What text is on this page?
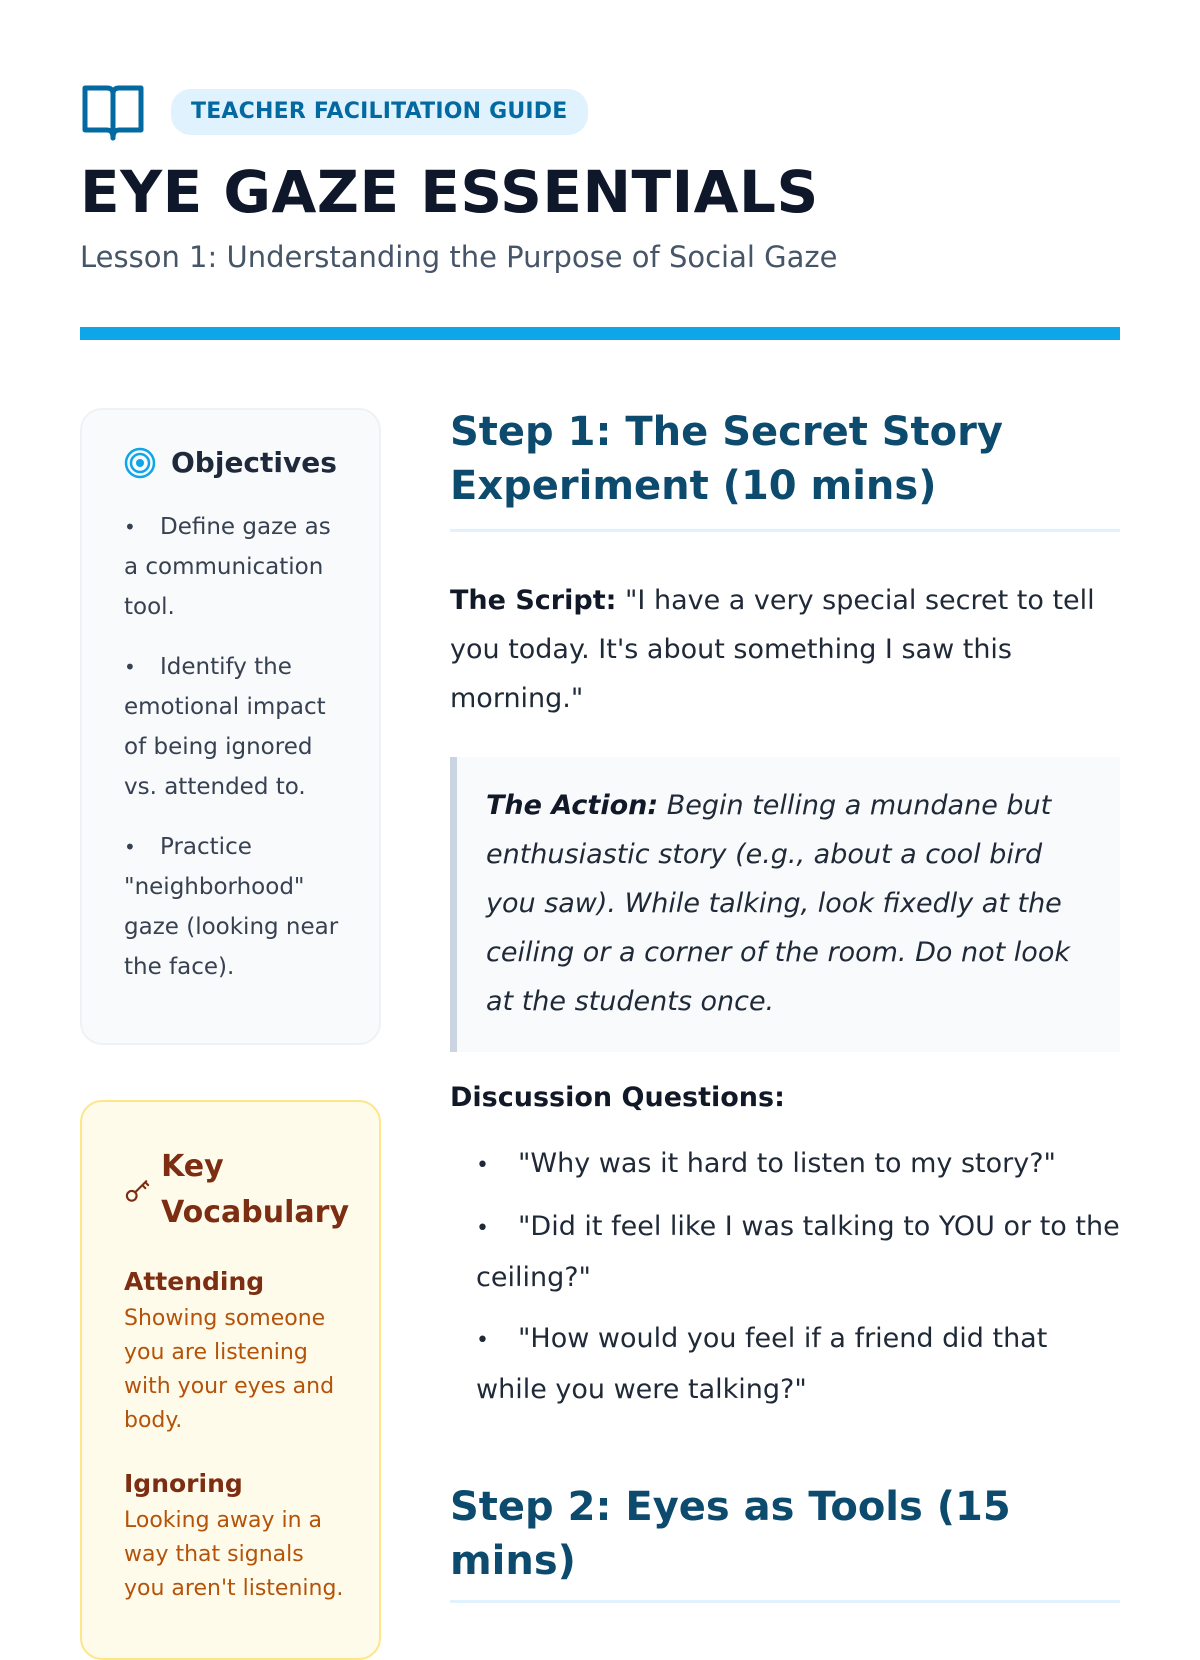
TEACHER FACILITATION GUIDE
EYE GAZE ESSENTIALS

Lesson 1: Understanding the Purpose of Social Gaze

Objectives
• Define gaze as a communication tool.
• Identify the emotional impact of being ignored vs. attended to.
• Practice "neighborhood" gaze (looking near the face).
Key Vocabulary
Attending
Showing someone you are listening with your eyes and body.
Ignoring
Looking away in a way that signals you aren't listening.
Step 1: The Secret Story Experiment (10 mins)

The Script: "I have a very special secret to tell you today. It's about something I saw this morning."

The Action: Begin telling a mundane but enthusiastic story (e.g., about a cool bird you saw). While talking, look fixedly at the ceiling or a corner of the room. Do not look at the students once.
Discussion Questions:
• "Why was it hard to listen to my story?"
• "Did it feel like I was talking to YOU or to the ceiling?"
• "How would you feel if a friend did that while you were talking?"
Step 2: Eyes as Tools (15 mins)
